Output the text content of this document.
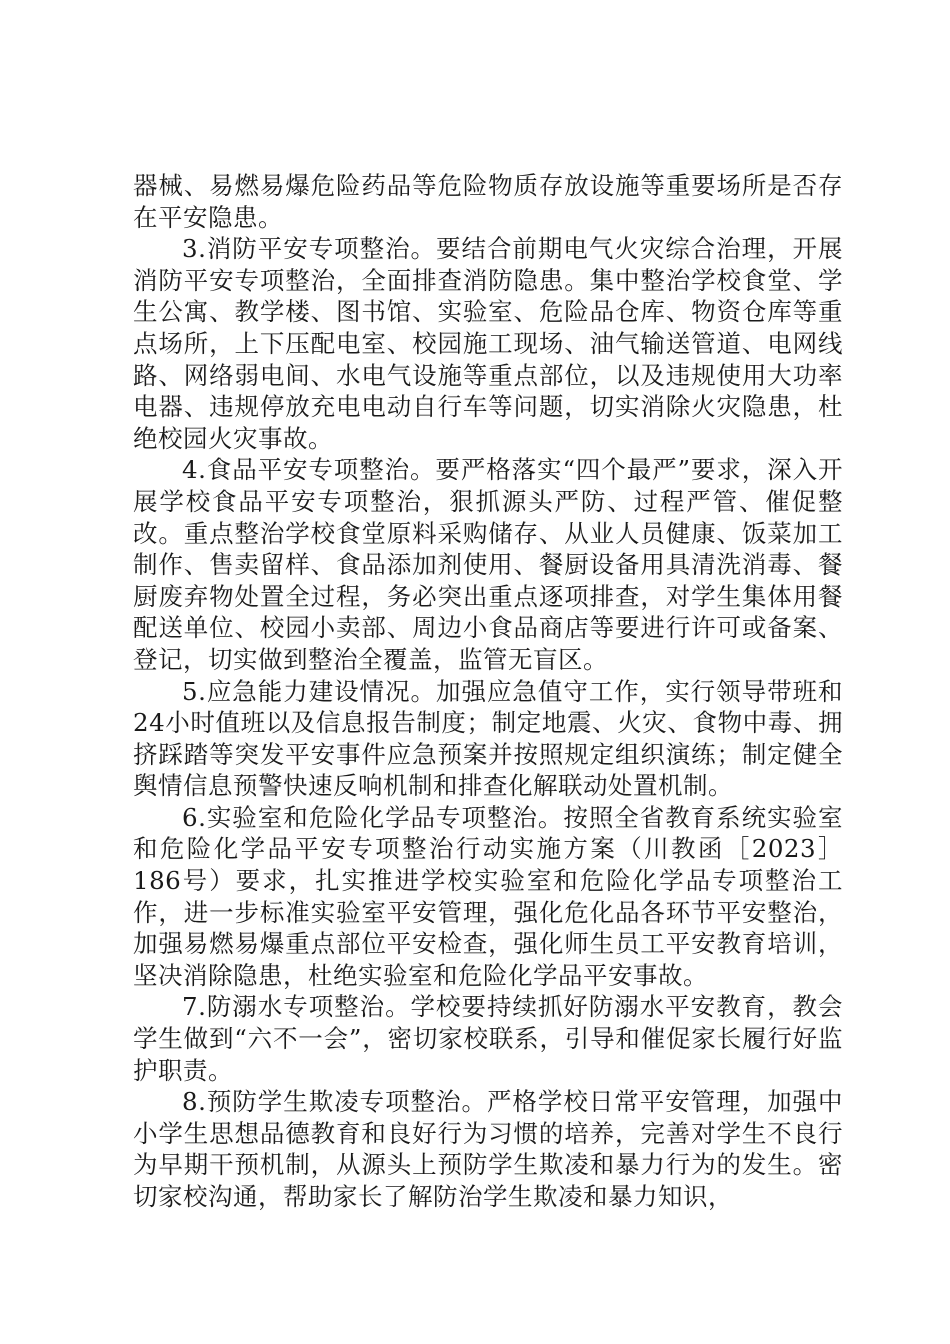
器械、易燃易爆危险药品等危险物质存放设施等重要场所是否存在平安隐患。

3.消防平安专项整治。要结合前期电气火灾综合治理，开展消防平安专项整治，全面排查消防隐患。集中整治学校食堂、学生公寓、教学楼、图书馆、实验室、危险品仓库、物资仓库等重点场所，上下压配电室、校园施工现场、油气输送管道、电网线路、网络弱电间、水电气设施等重点部位，以及违规使用大功率电器、违规停放充电电动自行车等问题，切实消除火灾隐患，杜绝校园火灾事故。

4.食品平安专项整治。要严格落实“四个最严”要求，深入开展学校食品平安专项整治，狠抓源头严防、过程严管、催促整改。重点整治学校食堂原料采购储存、从业人员健康、饭菜加工制作、售卖留样、食品添加剂使用、餐厨设备用具清洗消毒、餐厨废弃物处置全过程，务必突出重点逐项排查，对学生集体用餐配送单位、校园小卖部、周边小食品商店等要进行许可或备案、登记，切实做到整治全覆盖，监管无盲区。

5.应急能力建设情况。加强应急值守工作，实行领导带班和24小时值班以及信息报告制度；制定地震、火灾、食物中毒、拥挤踩踏等突发平安事件应急预案并按照规定组织演练；制定健全舆情信息预警快速反响机制和排查化解联动处置机制。

6.实验室和危险化学品专项整治。按照全省教育系统实验室和危险化学品平安专项整治行动实施方案（川教函［2023］186号）要求，扎实推进学校实验室和危险化学品专项整治工作，进一步标准实验室平安管理，强化危化品各环节平安整治，加强易燃易爆重点部位平安检查，强化师生员工平安教育培训，坚决消除隐患，杜绝实验室和危险化学品平安事故。

7.防溺水专项整治。学校要持续抓好防溺水平安教育，教会学生做到“六不一会”，密切家校联系，引导和催促家长履行好监护职责。

8.预防学生欺凌专项整治。严格学校日常平安管理，加强中小学生思想品德教育和良好行为习惯的培养，完善对学生不良行为早期干预机制，从源头上预防学生欺凌和暴力行为的发生。密切家校沟通，帮助家长了解防治学生欺凌和暴力知识，
